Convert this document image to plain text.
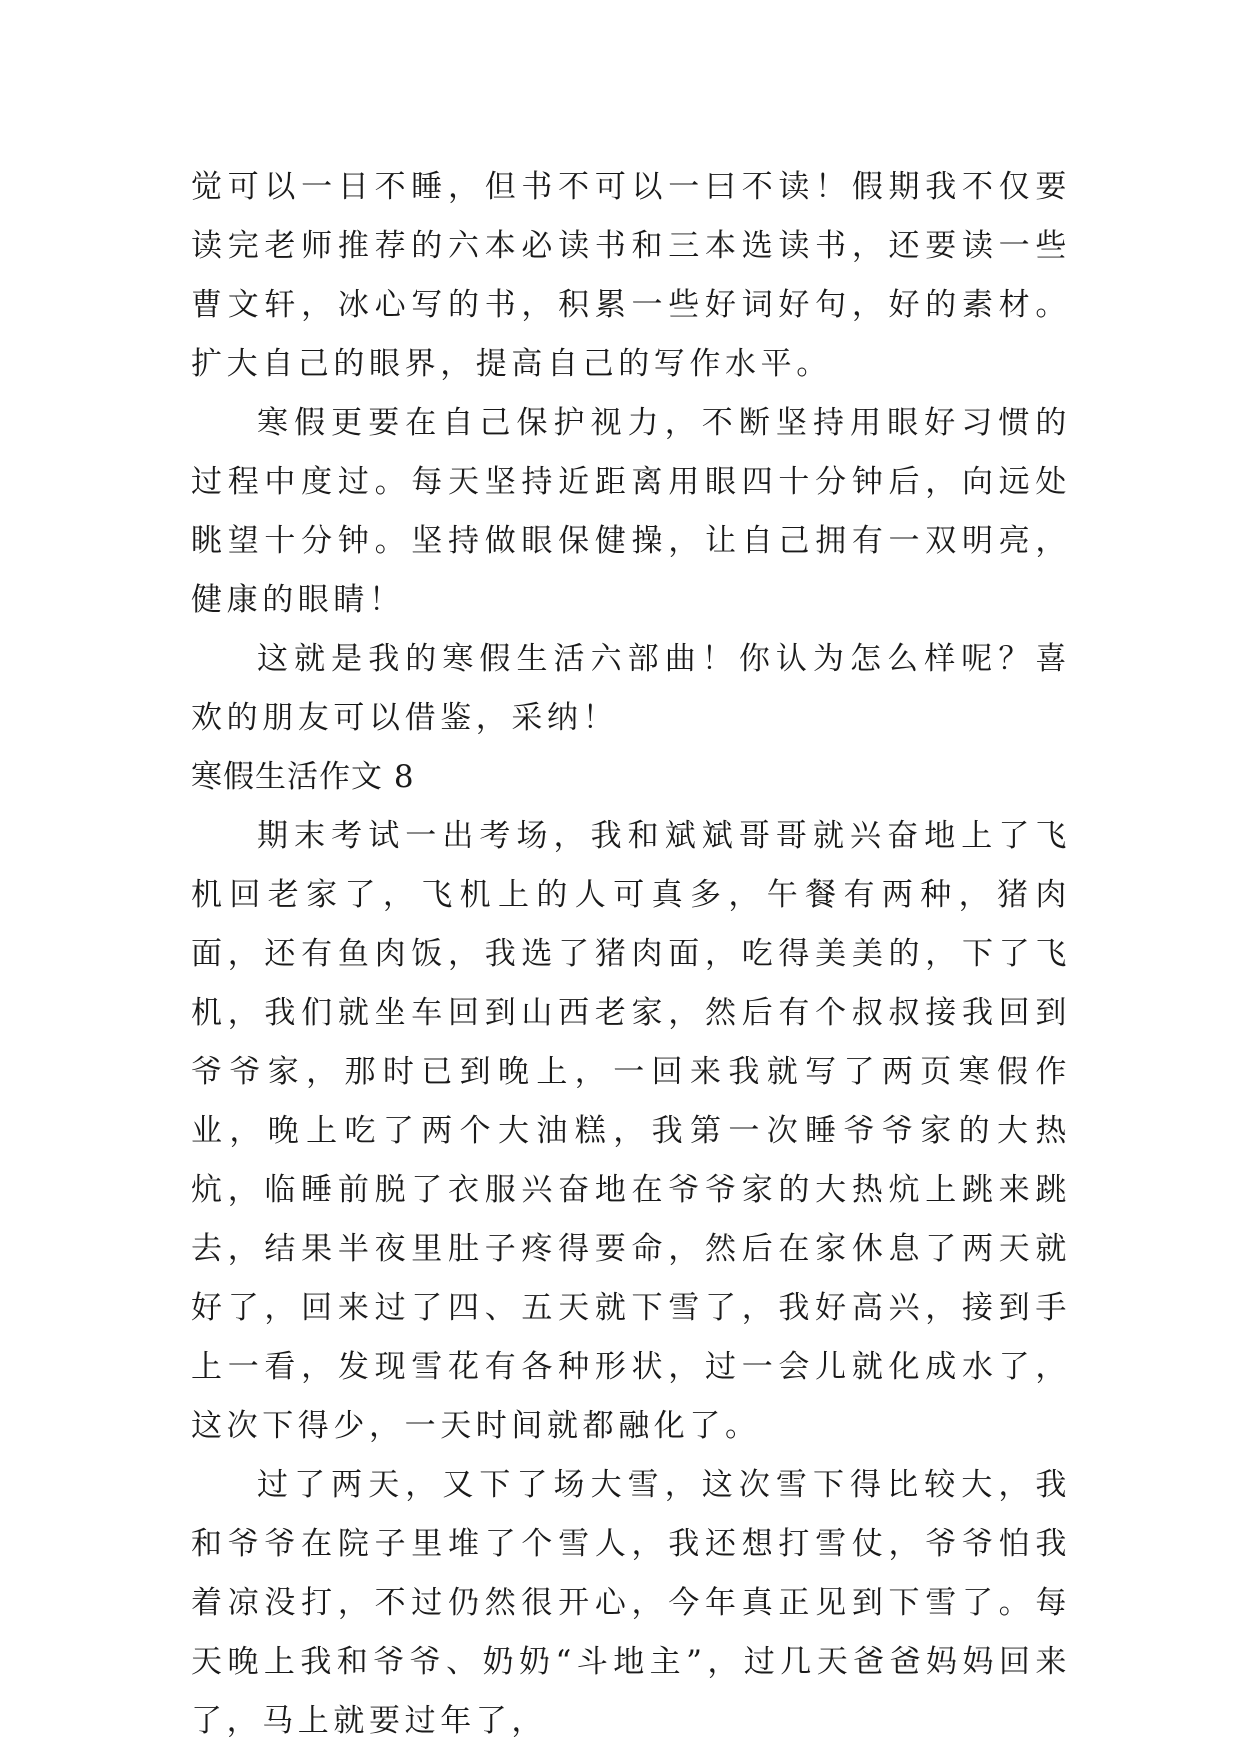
觉可以一日不睡，但书不可以一曰不读！假期我不仅要读完老师推荐的六本必读书和三本选读书，还要读一些曹文轩，冰心写的书，积累一些好词好句，好的素材。扩大自己的眼界，提高自己的写作水平。

寒假更要在自己保护视力，不断坚持用眼好习惯的过程中度过。每天坚持近距离用眼四十分钟后，向远处眺望十分钟。坚持做眼保健操，让自己拥有一双明亮，健康的眼睛！

这就是我的寒假生活六部曲！你认为怎么样呢？喜欢的朋友可以借鉴，采纳！

寒假生活作文 8

期末考试一出考场，我和斌斌哥哥就兴奋地上了飞机回老家了，飞机上的人可真多，午餐有两种，猪肉面，还有鱼肉饭，我选了猪肉面，吃得美美的，下了飞机，我们就坐车回到山西老家，然后有个叔叔接我回到爷爷家，那时已到晚上，一回来我就写了两页寒假作业，晚上吃了两个大油糕，我第一次睡爷爷家的大热炕，临睡前脱了衣服兴奋地在爷爷家的大热炕上跳来跳去，结果半夜里肚子疼得要命，然后在家休息了两天就好了，回来过了四、五天就下雪了，我好高兴，接到手上一看，发现雪花有各种形状，过一会儿就化成水了，这次下得少，一天时间就都融化了。

过了两天，又下了场大雪，这次雪下得比较大，我和爷爷在院子里堆了个雪人，我还想打雪仗，爷爷怕我着凉没打，不过仍然很开心，今年真正见到下雪了。每天晚上我和爷爷、奶奶“斗地主”，过几天爸爸妈妈回来了，马上就要过年了，
